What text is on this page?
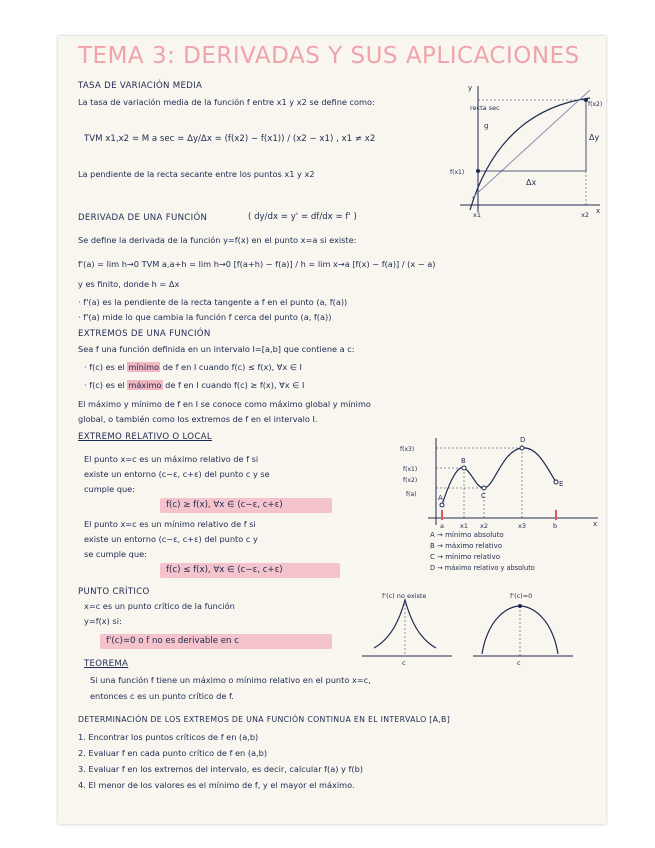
TEMA 3: DERIVADAS Y SUS APLICACIONES
TASA DE VARIACIÓN MEDIA
La tasa de variación media de la función f entre x1 y x2 se define como:
TVM x1,x2 = M a sec = Δy/Δx = (f(x2) − f(x1)) / (x2 − x1) , x1 ≠ x2
La pendiente de la recta secante entre los puntos x1 y x2
recta sec
g
f(x2)
f(x1)
Δy
Δx
x1	x2
y
x
DERIVADA DE UNA FUNCIÓN	( dy/dx = y' = df/dx = f' )
Se define la derivada de la función y=f(x) en el punto x=a si existe:
f'(a) = lim h→0 TVM a,a+h = lim h→0 [f(a+h) − f(a)] / h = lim x→a [f(x) − f(a)] / (x − a)
y es finito, donde h = Δx
· f'(a) es la pendiente de la recta tangente a f en el punto (a, f(a))
· f'(a) mide lo que cambia la función f cerca del punto (a, f(a))
EXTREMOS DE UNA FUNCIÓN
Sea f una función definida en un intervalo I=[a,b] que contiene a c:
· f(c) es el mínimo de f en I cuando f(c) ≤ f(x), ∀x ∈ I
· f(c) es el máximo de f en I cuando f(c) ≥ f(x), ∀x ∈ I
El máximo y mínimo de f en I se conoce como máximo global y mínimo
global, o también como los extremos de f en el intervalo I.
EXTREMO RELATIVO O LOCAL
El punto x=c es un máximo relativo de f si
existe un entorno (c−ε, c+ε) del punto c y se
cumple que:
f(c) ≥ f(x), ∀x ∈ (c−ε, c+ε)
El punto x=c es un mínimo relativo de f si
existe un entorno (c−ε, c+ε) del punto c y
se cumple que:
f(c) ≤ f(x), ∀x ∈ (c−ε, c+ε)
f(x3)
f(x1)
f(x2)
f(a)	A
B
C
D
E
a x1 x2	x3	b	x
A → mínimo absoluto
B → máximo relativo
C → mínimo relativo
D → máximo relativo y absoluto
PUNTO CRÍTICO
x=c es un punto crítico de la función
y=f(x) si:
f'(c)=0 o f no es derivable en c
f'(c) no existe
c
f'(c)=0
c
TEOREMA
Si una función f tiene un máximo o mínimo relativo en el punto x=c,
entonces c es un punto crítico de f.
DETERMINACIÓN DE LOS EXTREMOS DE UNA FUNCIÓN CONTINUA EN EL INTERVALO [A,B]
1. Encontrar los puntos críticos de f en (a,b)
2. Evaluar f en cada punto crítico de f en (a,b)
3. Evaluar f en los extremos del intervalo, es decir, calcular f(a) y f(b)
4. El menor de los valores es el mínimo de f, y el mayor el máximo.
